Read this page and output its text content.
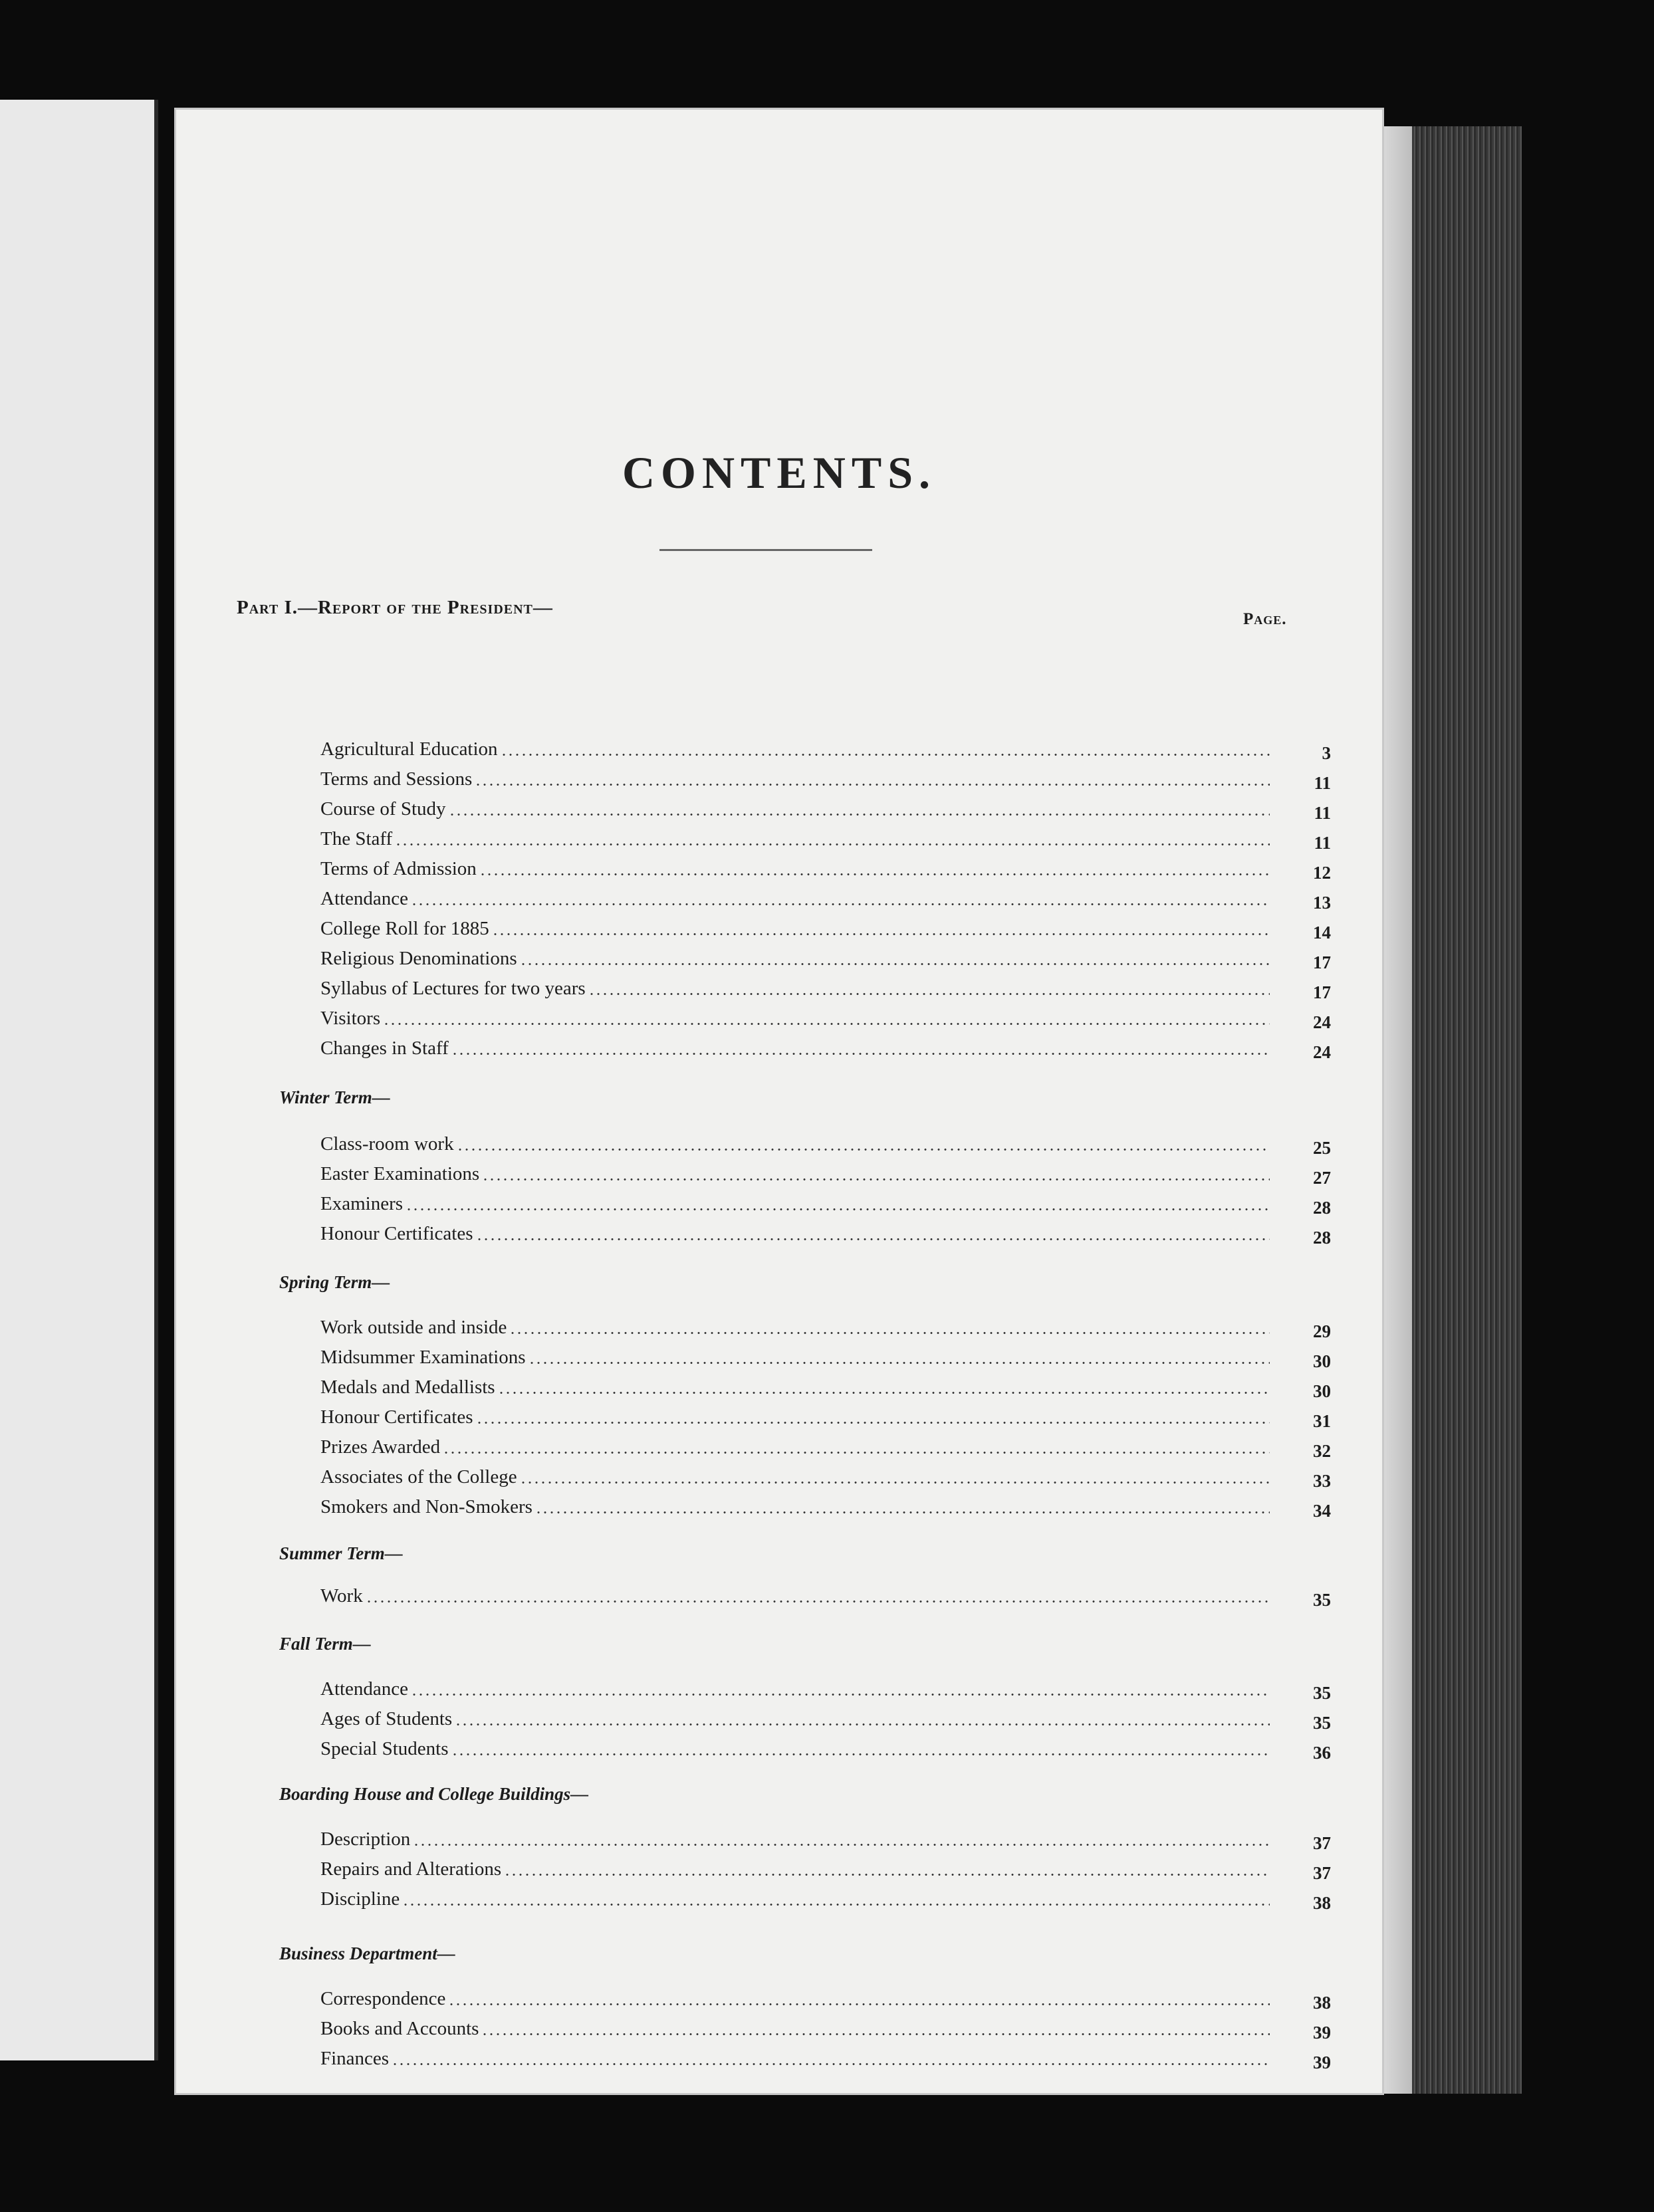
CONTENTS.
Part I.—Report of the President—
Page.
Agricultural Education	3
Terms and Sessions	11
Course of Study	11
The Staff	11
Terms of Admission	12
Attendance	13
College Roll for 1885	14
Religious Denominations	17
Syllabus of Lectures for two years	17
Visitors	24
Changes in Staff	24
Winter Term—
Class-room work	25
Easter Examinations	27
Examiners	28
Honour Certificates	28
Spring Term—
Work outside and inside	29
Midsummer Examinations	30
Medals and Medallists	30
Honour Certificates	31
Prizes Awarded	32
Associates of the College	33
Smokers and Non-Smokers	34
Summer Term—
Work	35
Fall Term—
Attendance	35
Ages of Students	35
Special Students	36
Boarding House and College Buildings—
Description	37
Repairs and Alterations	37
Discipline	38
Business Department—
Correspondence	38
Books and Accounts	39
Finances	39
